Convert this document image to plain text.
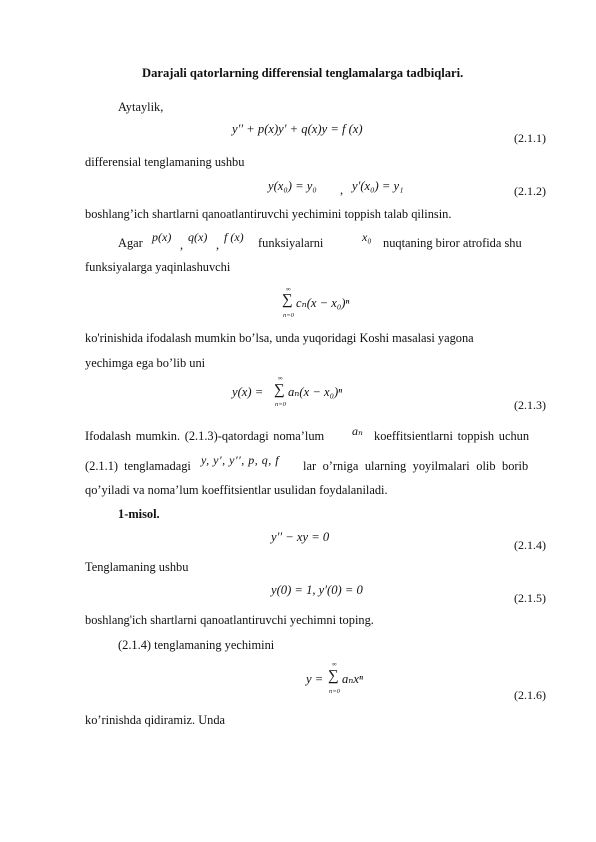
Darajali qatorlarning differensial tenglamalarga tadbiqlari.
Aytaylik,
y′′ + p(x)y′ + q(x)y = f (x)
(2.1.1)
differensial tenglamaning ushbu
y(x₀) = y₀ , y′(x₀) = y₁	(2.1.2)
boshlang’ich shartlarni qanoatlantiruvchi yechimini toppish talab qilinsin.
Agar p(x)
,
q(x)
,
f (x) funksiyalarni	x₀ nuqtaning biror atrofida shu
funksiyalarga yaqinlashuvchi
∞
∑
n=0
cₙ(x − x₀)ⁿ
ko'rinishida ifodalash mumkin bo’lsa, unda yuqoridagi Koshi masalasi yagona
yechimga ega bo’lib uni
y(x) =
∞
∑
n=0
aₙ(x − x₀)ⁿ
(2.1.3)
Ifodalash mumkin. (2.1.3)-qatordagi noma’lum aₙ koeffitsientlarni toppish uchun
(2.1.1) tenglamadagi y, y′, y′′, p, q, f lar o’rniga ularning yoyilmalari olib borib
qo’yiladi va noma’lum koeffitsientlar usulidan foydalaniladi.
1-misol.
y′′ − xy = 0
(2.1.4)
Tenglamaning ushbu
y(0) = 1, y′(0) = 0
(2.1.5)
boshlang'ich shartlarni qanoatlantiruvchi yechimni toping.
(2.1.4) tenglamaning yechimini
y =
∞
∑
n=0
aₙxⁿ
(2.1.6)
ko’rinishda qidiramiz. Unda
